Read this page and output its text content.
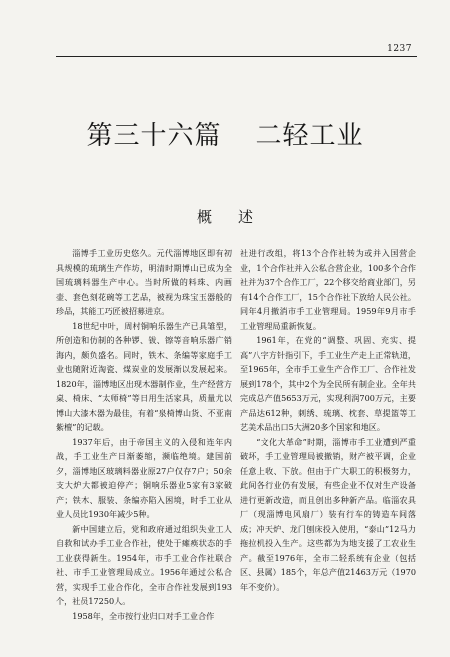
1237
第三十六篇 二轻工业
概述

淄博手工业历史悠久。元代淄博地区即有初具规模的琉璃生产作坊，明清时期博山已成为全国琉璃料器生产中心。当时所做的料珠、内画壶、套色刻花碗等工艺品，被视为珠宝玉器般的珍品，其能工巧匠被招募进京。

18世纪中叶，周村铜响乐器生产已具雏型，所创造和仿制的各种锣、钹、镲等音响乐器广销海内，颇负盛名。同时，铁木、条编等家庭手工业也随附近淘瓷、煤炭业的发展渐以发展起来。1820年，淄博地区出现木器制作业，生产经营方桌、椅床、“太师椅”等日用生活家具，质量尤以博山大漆木器为最佳，有着“泉椅博山货、不亚南紫檀”的记载。

1937年后，由于帝国主义的入侵和连年内战，手工业生产日渐萎缩，濒临绝境。建国前夕，淄博地区玻璃料器业原27户仅存7户；50余支大炉大都被迫停产；铜响乐器业5家有3家破产；铁木、服装、条编亦陷入困境，时手工业从业人员比1930年减少5种。

新中国建立后，党和政府通过组织失业工人自救和试办手工业合作社，使处于瘫痪状态的手工业获得新生。1954年，市手工业合作社联合社、市手工业管理局成立。1956年通过公私合营，实现手工业合作化，全市合作社发展到193个，社员17250人。

1958年，全市按行业归口对手工业合作

社进行改组，将13个合作社转为或并入国营企业，1个合作社并入公私合营企业，100多个合作社并为37个合作工厂，22个移交给商业部门，另有14个合作工厂，15个合作社下放给人民公社。同年4月撤消市手工业管理局。1959年9月市手工业管理局重新恢复。

1961年，在党的“调整、巩固、充实、提高”八字方针指引下，手工业生产走上正常轨道，至1965年，全市手工业生产合作工厂、合作社发展到178个，其中2个为全民所有制企业。全年共完成总产值5653万元，实现利润700万元，主要产品达612种，刺绣、琉璃、枕套、草提篮等工艺美术品出口5大洲20多个国家和地区。

“文化大革命”时期，淄博市手工业遭到严重破坏，手工业管理局被撤销，财产被平调，企业任意上收、下放。但由于广大职工的积极努力，此间各行业仍有发展，有些企业不仅对生产设备进行更新改造，而且创出多种新产品。临淄农具厂（现淄博电风扇厂）装有行车的铸造车间落成；冲天炉、龙门刨床投入使用，“泰山”12马力拖拉机投入生产。这些都为为地支援了工农业生产。截至1976年，全市二轻系统有企业（包括区、县属）185个，年总产值21463万元（1970年不变价）。
